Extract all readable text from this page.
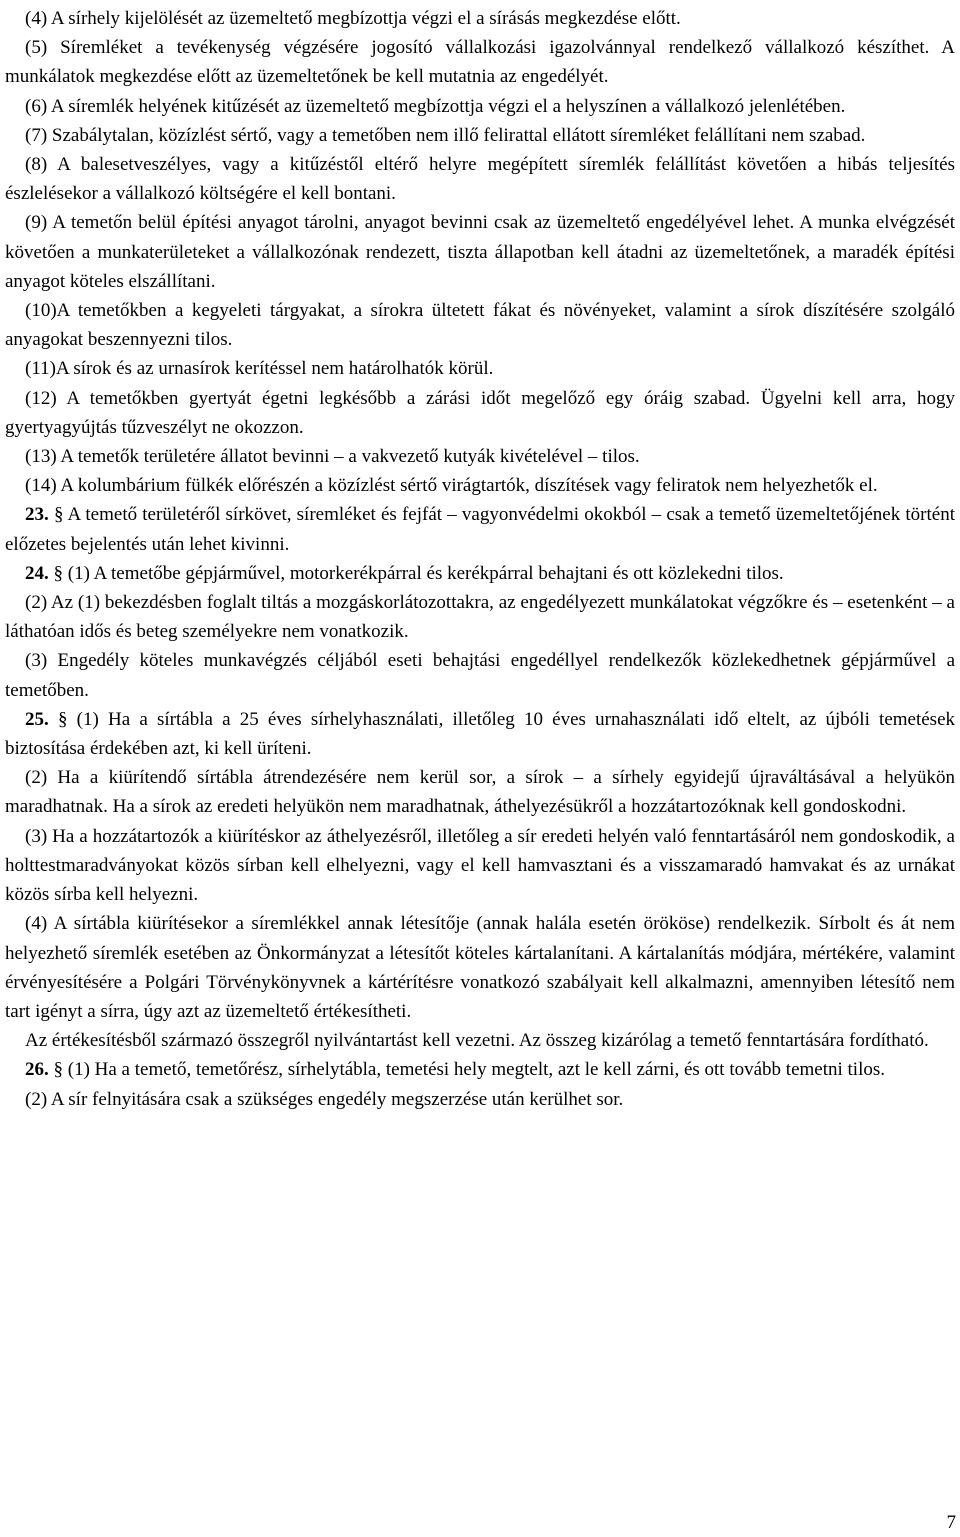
(4) A sírhely kijelölését az üzemeltető megbízottja végzi el a sírásás megkezdése előtt.

(5) Síremléket a tevékenység végzésére jogosító vállalkozási igazolvánnyal rendelkező vállalkozó készíthet. A munkálatok megkezdése előtt az üzemeltetőnek be kell mutatnia az engedélyét.

(6) A síremlék helyének kitűzését az üzemeltető megbízottja végzi el a helyszínen a vállalkozó jelenlétében.

(7) Szabálytalan, közízlést sértő, vagy a temetőben nem illő felirattal ellátott síremléket felállítani nem szabad.

(8) A balesetveszélyes, vagy a kitűzéstől eltérő helyre megépített síremlék felállítást követően a hibás teljesítés észlelésekor a vállalkozó költségére el kell bontani.

(9) A temetőn belül építési anyagot tárolni, anyagot bevinni csak az üzemeltető engedélyével lehet. A munka elvégzését követően a munkaterületeket a vállalkozónak rendezett, tiszta állapotban kell átadni az üzemeltetőnek, a maradék építési anyagot köteles elszállítani.

(10)A temetőkben a kegyeleti tárgyakat, a sírokra ültetett fákat és növényeket, valamint a sírok díszítésére szolgáló anyagokat beszennyezni tilos.

(11)A sírok és az urnasírok kerítéssel nem határolhatók körül.

(12) A temetőkben gyertyát égetni legkésőbb a zárási időt megelőző egy óráig szabad. Ügyelni kell arra, hogy gyertyagyújtás tűzveszélyt ne okozzon.

(13) A temetők területére állatot bevinni – a vakvezető kutyák kivételével – tilos.

(14) A kolumbárium fülkék előrészén a közízlést sértő virágtartók, díszítések vagy feliratok nem helyezhetők el.

23. § A temető területéről sírkövet, síremléket és fejfát – vagyonvédelmi okokból – csak a temető üzemeltetőjének történt előzetes bejelentés után lehet kivinni.

24. § (1) A temetőbe gépjárművel, motorkerékpárral és kerékpárral behajtani és ott közlekedni tilos.

(2) Az (1) bekezdésben foglalt tiltás a mozgáskorlátozottakra, az engedélyezett munkálatokat végzőkre és – esetenként – a láthatóan idős és beteg személyekre nem vonatkozik.

(3) Engedély köteles munkavégzés céljából eseti behajtási engedéllyel rendelkezők közlekedhetnek gépjárművel a temetőben.

25. § (1) Ha a sírtábla a 25 éves sírhelyhasználati, illetőleg 10 éves urnahasználati idő eltelt, az újbóli temetések biztosítása érdekében azt, ki kell üríteni.

(2) Ha a kiürítendő sírtábla átrendezésére nem kerül sor, a sírok – a sírhely egyidejű újraváltásával a helyükön maradhatnak. Ha a sírok az eredeti helyükön nem maradhatnak, áthelyezésükről a hozzátartozóknak kell gondoskodni.

(3) Ha a hozzátartozók a kiürítéskor az áthelyezésről, illetőleg a sír eredeti helyén való fenntartásáról nem gondoskodik, a holttestmaradványokat közös sírban kell elhelyezni, vagy el kell hamvasztani és a visszamaradó hamvakat és az urnákat közös sírba kell helyezni.

(4) A sírtábla kiürítésekor a síremlékkel annak létesítője (annak halála esetén örököse) rendelkezik. Sírbolt és át nem helyezhető síremlék esetében az Önkormányzat a létesítőt köteles kártalanítani. A kártalanítás módjára, mértékére, valamint érvényesítésére a Polgári Törvénykönyvnek a kártérítésre vonatkozó szabályait kell alkalmazni, amennyiben létesítő nem tart igényt a sírra, úgy azt az üzemeltető értékesítheti.

Az értékesítésből származó összegről nyilvántartást kell vezetni. Az összeg kizárólag a temető fenntartására fordítható.

26. § (1) Ha a temető, temetőrész, sírhelytábla, temetési hely megtelt, azt le kell zárni, és ott tovább temetni tilos.

(2) A sír felnyitására csak a szükséges engedély megszerzése után kerülhet sor.

7
